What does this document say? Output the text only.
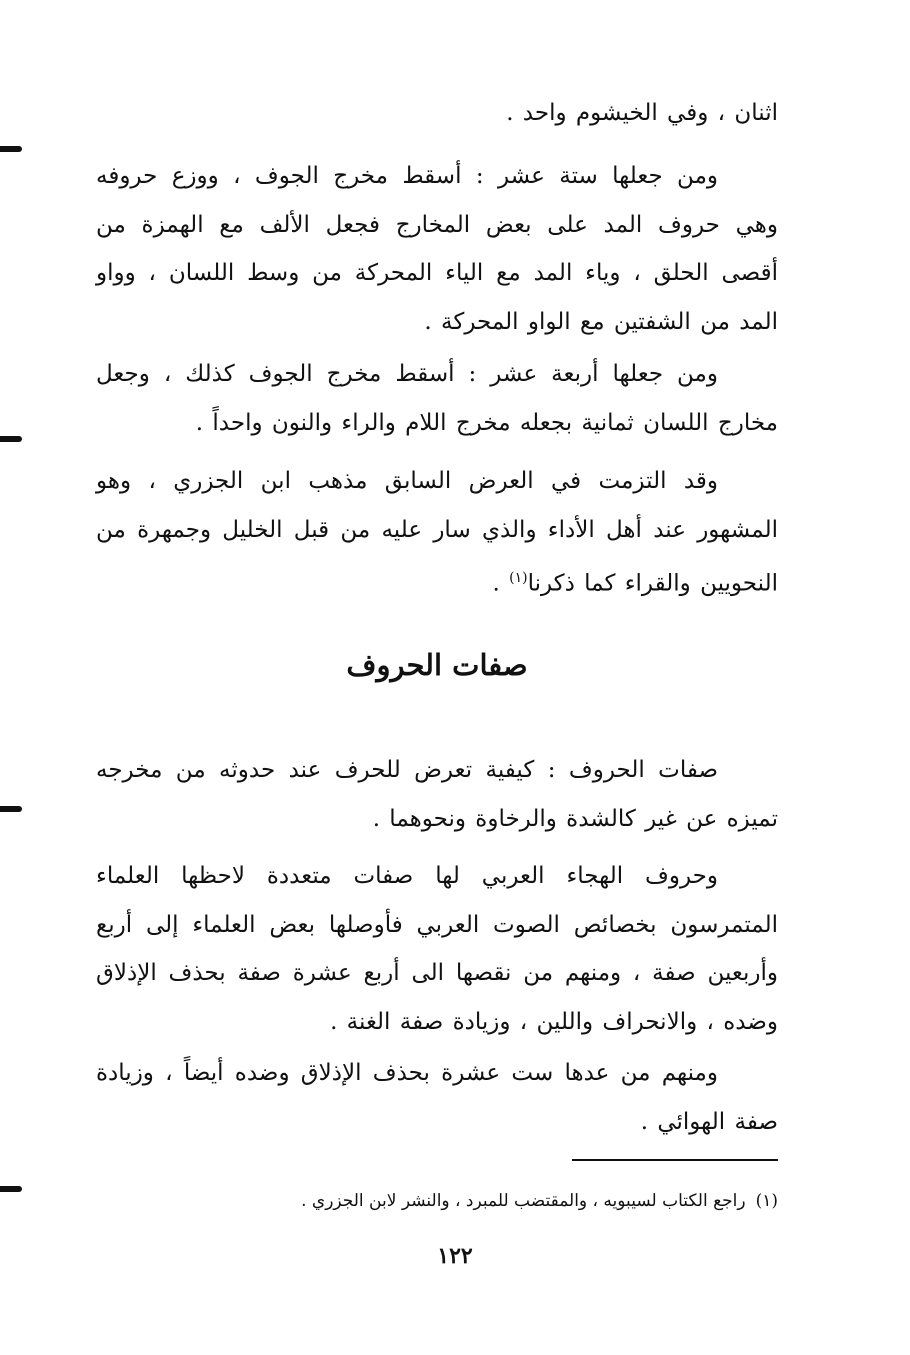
اثنان ، وفي الخيشوم واحد .

ومن جعلها ستة عشر : أسقط مخرج الجوف ، ووزع حروفه وهي حروف المد على بعض المخارج فجعل الألف مع الهمزة من أقصى الحلق ، وياء المد مع الياء المحركة من وسط اللسان ، وواو المد من الشفتين مع الواو المحركة .

ومن جعلها أربعة عشر : أسقط مخرج الجوف كذلك ، وجعل مخارج اللسان ثمانية بجعله مخرج اللام والراء والنون واحداً .

وقد التزمت في العرض السابق مذهب ابن الجزري ، وهو المشهور عند أهل الأداء والذي سار عليه من قبل الخليل وجمهرة من النحويين والقراء كما ذكرنا$^{(١)}$ .

صفات الحروف

صفات الحروف : كيفية تعرض للحرف عند حدوثه من مخرجه تميزه عن غير كالشدة والرخاوة ونحوهما .

وحروف الهجاء العربي لها صفات متعددة لاحظها العلماء المتمرسون بخصائص الصوت العربي فأوصلها بعض العلماء إلى أربع وأربعين صفة ، ومنهم من نقصها الى أربع عشرة صفة بحذف الإذلاق وضده ، والانحراف واللين ، وزيادة صفة الغنة .

ومنهم من عدها ست عشرة بحذف الإذلاق وضده أيضاً ، وزيادة صفة الهوائي .

(١)راجع الكتاب لسيبويه ، والمقتضب للمبرد ، والنشر لابن الجزري .

١٢٢
